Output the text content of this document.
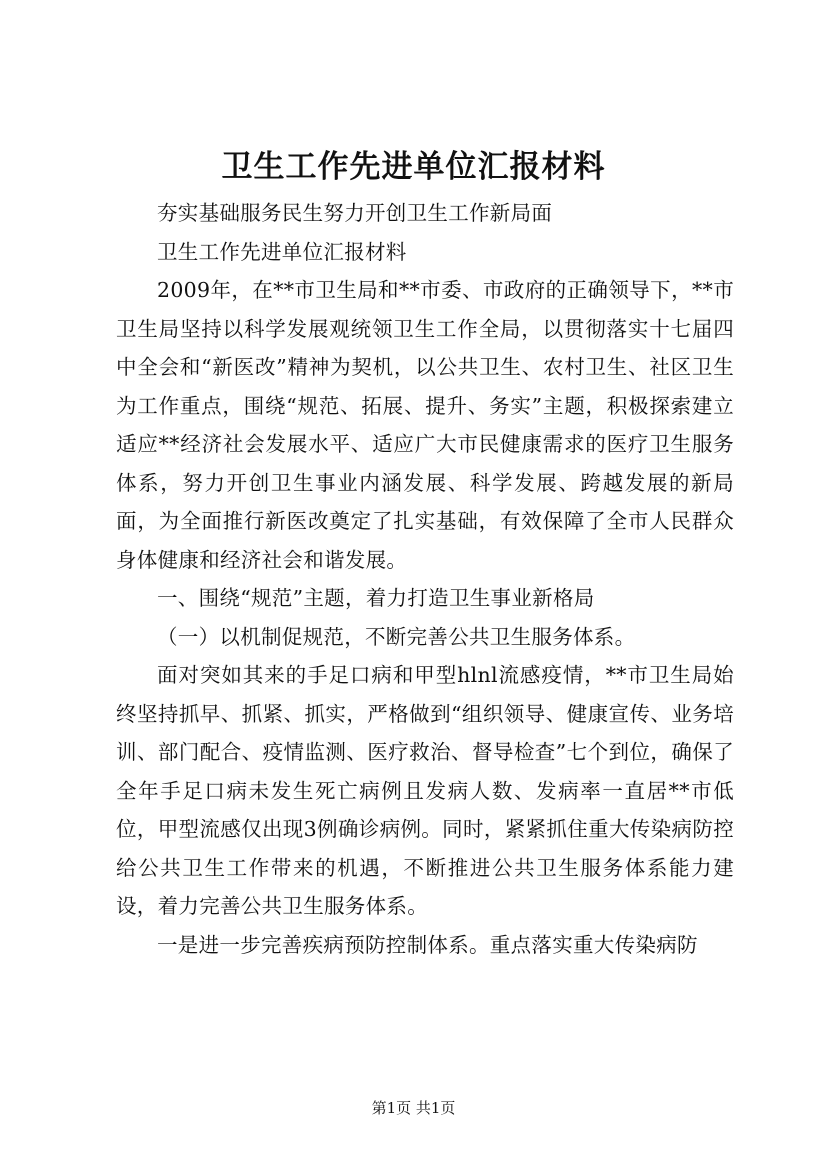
卫生工作先进单位汇报材料

夯实基础服务民生努力开创卫生工作新局面

卫生工作先进单位汇报材料

2009年，在**市卫生局和**市委、市政府的正确领导下，**市卫生局坚持以科学发展观统领卫生工作全局，以贯彻落实十七届四中全会和“新医改”精神为契机，以公共卫生、农村卫生、社区卫生为工作重点，围绕“规范、拓展、提升、务实”主题，积极探索建立适应**经济社会发展水平、适应广大市民健康需求的医疗卫生服务体系，努力开创卫生事业内涵发展、科学发展、跨越发展的新局面，为全面推行新医改奠定了扎实基础，有效保障了全市人民群众身体健康和经济社会和谐发展。

一、围绕“规范”主题，着力打造卫生事业新格局

（一）以机制促规范，不断完善公共卫生服务体系。

面对突如其来的手足口病和甲型hlnl流感疫情，**市卫生局始终坚持抓早、抓紧、抓实，严格做到“组织领导、健康宣传、业务培训、部门配合、疫情监测、医疗救治、督导检查”七个到位，确保了全年手足口病未发生死亡病例且发病人数、发病率一直居**市低位，甲型流感仅出现3例确诊病例。同时，紧紧抓住重大传染病防控给公共卫生工作带来的机遇，不断推进公共卫生服务体系能力建设，着力完善公共卫生服务体系。

一是进一步完善疾病预防控制体系。重点落实重大传染病防

第1页 共1页
